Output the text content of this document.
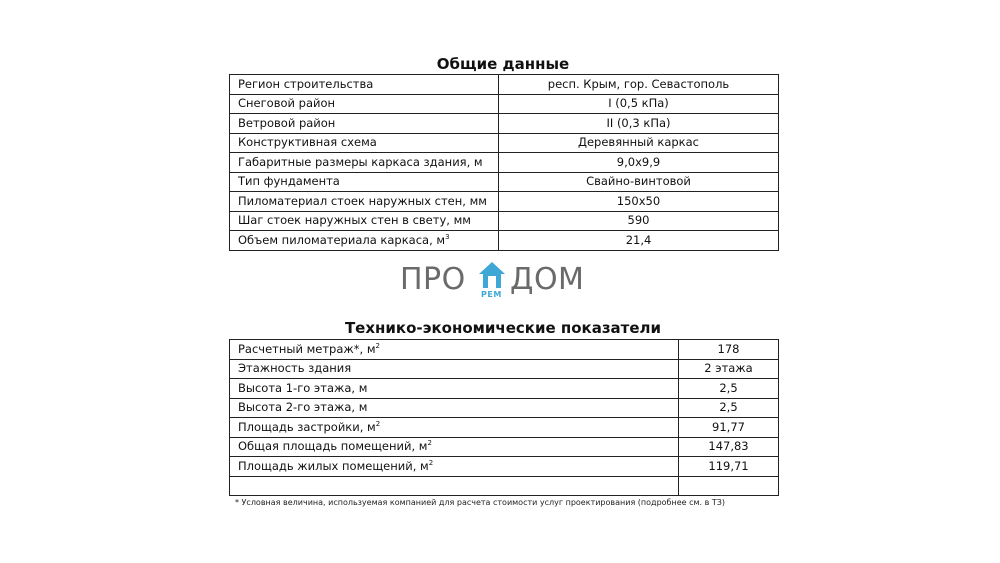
Общие данные
Регион строительства	респ. Крым, гор. Севастополь
Снеговой район	I (0,5 кПа)
Ветровой район	II (0,3 кПа)
Конструктивная схема	Деревянный каркас
Габаритные размеры каркаса здания, м	9,0x9,9
Тип фундамента	Свайно-винтовой
Пиломатериал стоек наружных стен, мм	150x50
Шаг стоек наружных стен в свету, мм	590
Объем пиломатериала каркаса, $м^3$	21,4
ПРО РЕМ ДОМ
Технико-экономические показатели
Расчетный метраж*, $м^2$	178
Этажность здания	2 этажа
Высота 1-го этажа, м	2,5
Высота 2-го этажа, м	2,5
Площадь застройки, $м^2$	91,77
Общая площадь помещений, $м^2$	147,83
Площадь жилых помещений, $м^2$	119,71

* Условная величина, используемая компанией для расчета стоимости услуг проектирования (подробнее см. в ТЗ)
